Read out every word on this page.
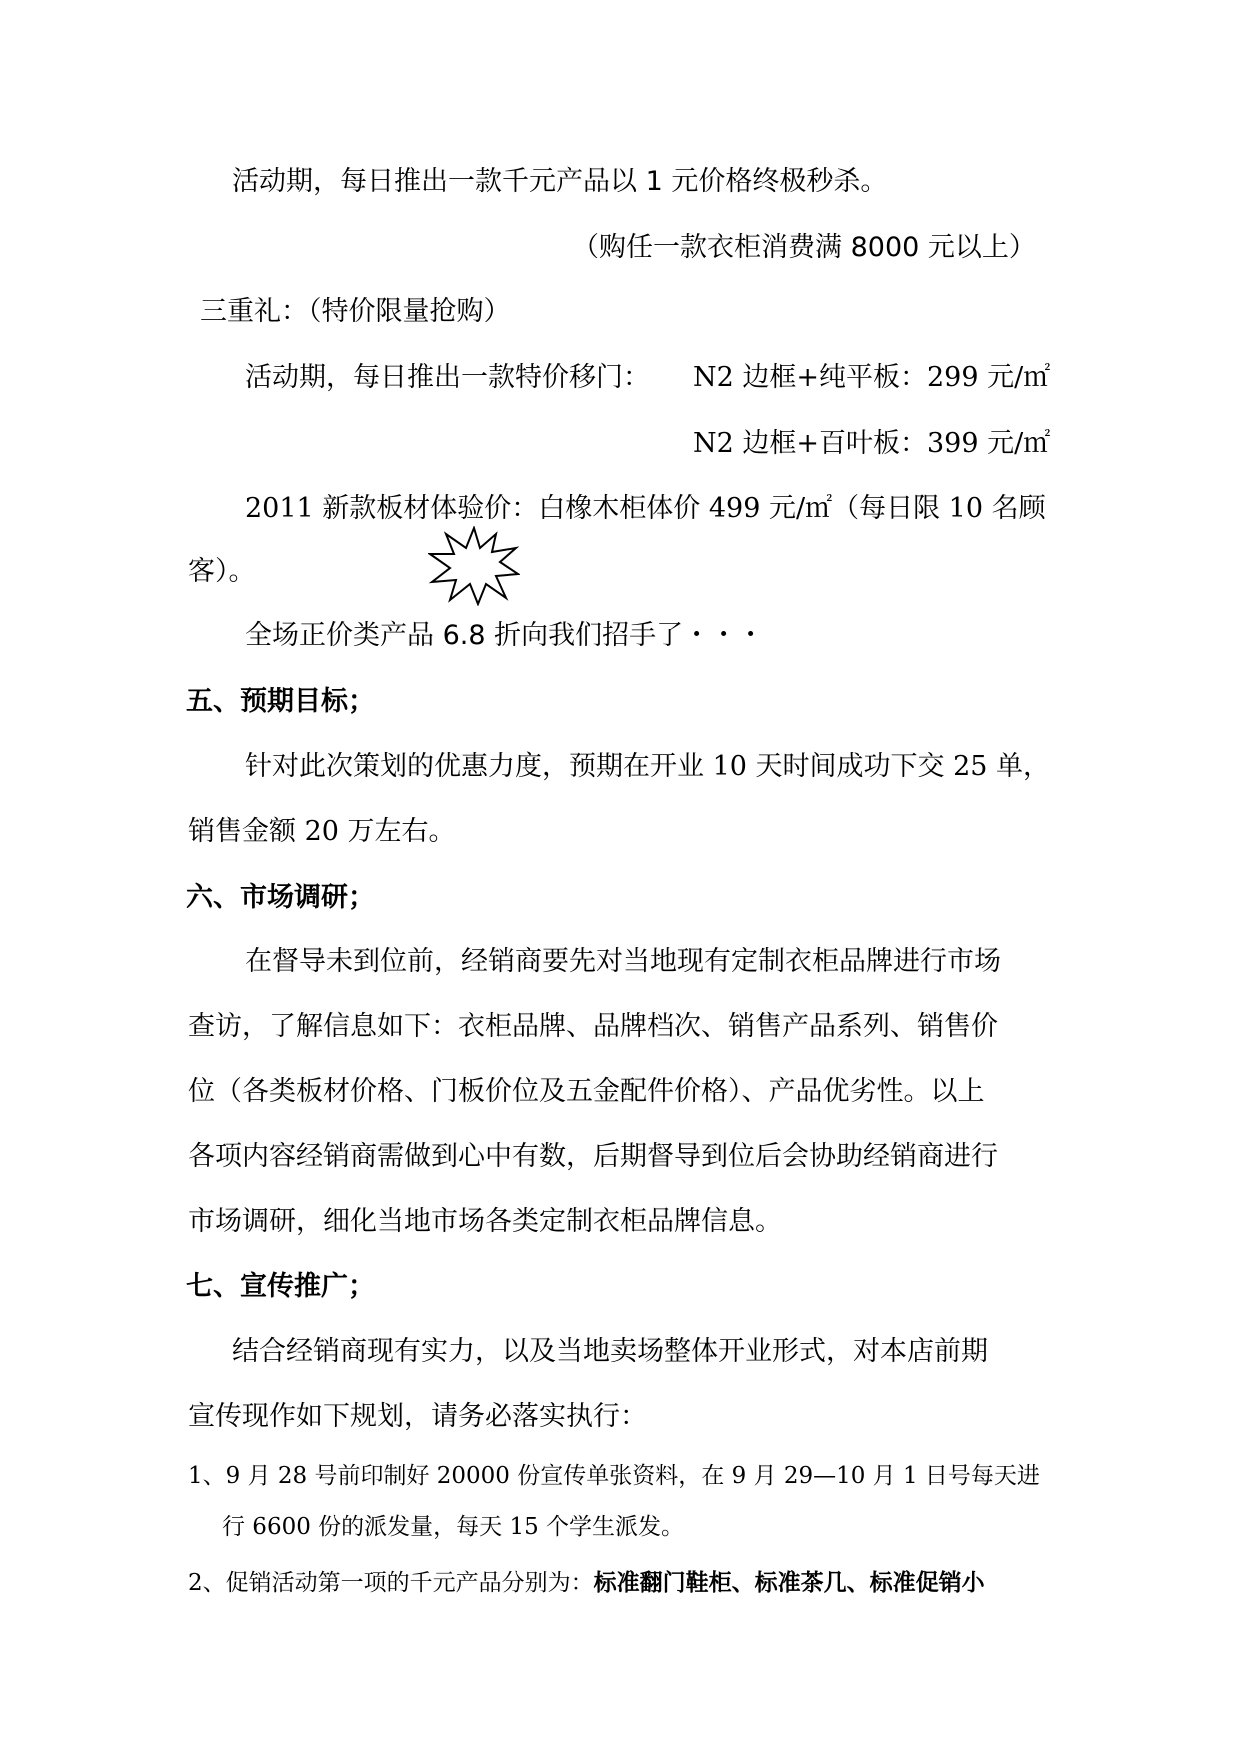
活动期，每日推出一款千元产品以 1 元价格终极秒杀。
（购任一款衣柜消费满 8000 元以上）
三重礼：（特价限量抢购）
活动期，每日推出一款特价移门： N2 边框+纯平板：299 元/㎡
N2 边框+百叶板：399 元/㎡
2011 新款板材体验价：白橡木柜体价 499 元/㎡（每日限 10 名顾
客）。
全场正价类产品 6.8 折向我们招手了・・・
五、预期目标；
针对此次策划的优惠力度，预期在开业 10 天时间成功下交 25 单，
销售金额 20 万左右。
六、市场调研；
在督导未到位前，经销商要先对当地现有定制衣柜品牌进行市场
查访，了解信息如下：衣柜品牌、品牌档次、销售产品系列、销售价
位（各类板材价格、门板价位及五金配件价格）、产品优劣性。以上
各项内容经销商需做到心中有数，后期督导到位后会协助经销商进行
市场调研，细化当地市场各类定制衣柜品牌信息。
七、宣传推广；
结合经销商现有实力，以及当地卖场整体开业形式，对本店前期
宣传现作如下规划，请务必落实执行：
1、9 月 28 号前印制好 20000 份宣传单张资料，在 9 月 29—10 月 1 日号每天进
行 6600 份的派发量，每天 15 个学生派发。
2、促销活动第一项的千元产品分别为：标准翻门鞋柜、标准茶几、标准促销小
